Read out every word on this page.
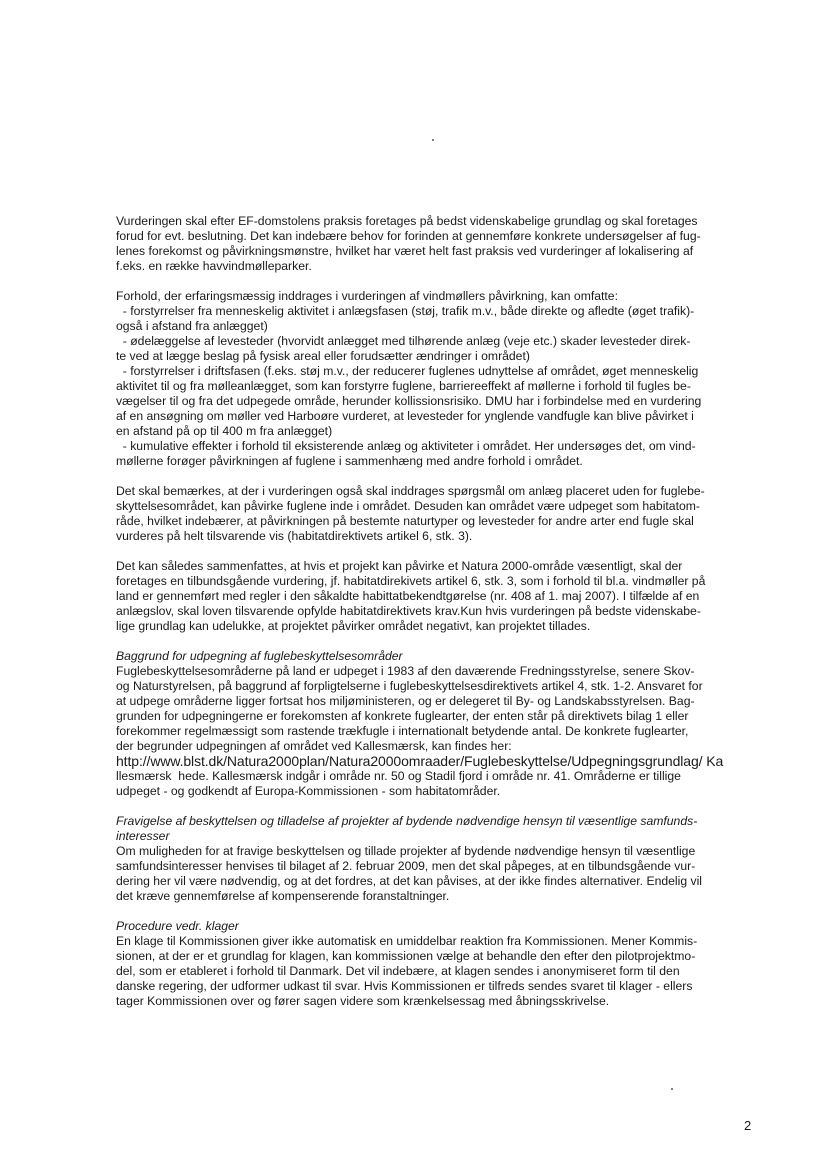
Vurderingen skal efter EF-domstolens praksis foretages på bedst videnskabelige grundlag og skal foretages
forud for evt. beslutning. Det kan indebære behov for forinden at gennemføre konkrete undersøgelser af fug-
lenes forekomst og påvirkningsmønstre, hvilket har været helt fast praksis ved vurderinger af lokalisering af
f.eks. en række havvindmølleparker.
Forhold, der erfaringsmæssig inddrages i vurderingen af vindmøllers påvirkning, kan omfatte:
- forstyrrelser fra menneskelig aktivitet i anlægsfasen (støj, trafik m.v., både direkte og afledte (øget trafik)-
også i afstand fra anlægget)
- ødelæggelse af levesteder (hvorvidt anlægget med tilhørende anlæg (veje etc.) skader levesteder direk-
te ved at lægge beslag på fysisk areal eller forudsætter ændringer i området)
- forstyrrelser i driftsfasen (f.eks. støj m.v., der reducerer fuglenes udnyttelse af området, øget menneskelig
aktivitet til og fra mølleanlægget, som kan forstyrre fuglene, barriereeffekt af møllerne i forhold til fugles be-
vægelser til og fra det udpegede område, herunder kollissionsrisiko. DMU har i forbindelse med en vurdering
af en ansøgning om møller ved Harboøre vurderet, at levesteder for ynglende vandfugle kan blive påvirket i
en afstand på op til 400 m fra anlægget)
- kumulative effekter i forhold til eksisterende anlæg og aktiviteter i området. Her undersøges det, om vind-
møllerne forøger påvirkningen af fuglene i sammenhæng med andre forhold i området.
Det skal bemærkes, at der i vurderingen også skal inddrages spørgsmål om anlæg placeret uden for fuglebe-
skyttelsesområdet, kan påvirke fuglene inde i området. Desuden kan området være udpeget som habitatom-
råde, hvilket indebærer, at påvirkningen på bestemte naturtyper og levesteder for andre arter end fugle skal
vurderes på helt tilsvarende vis (habitatdirektivets artikel 6, stk. 3).
Det kan således sammenfattes, at hvis et projekt kan påvirke et Natura 2000-område væsentligt, skal der
foretages en tilbundsgående vurdering, jf. habitatdirekivets artikel 6, stk. 3, som i forhold til bl.a. vindmøller på
land er gennemført med regler i den såkaldte habittatbekendtgørelse (nr. 408 af 1. maj 2007). I tilfælde af en
anlægslov, skal loven tilsvarende opfylde habitatdirektivets krav.Kun hvis vurderingen på bedste videnskabe-
lige grundlag kan udelukke, at projektet påvirker området negativt, kan projektet tillades.
Baggrund for udpegning af fuglebeskyttelsesområder
Fuglebeskyttelsesområderne på land er udpeget i 1983 af den daværende Fredningsstyrelse, senere Skov-
og Naturstyrelsen, på baggrund af forpligtelserne i fuglebeskyttelsesdirektivets artikel 4, stk. 1-2. Ansvaret for
at udpege områderne ligger fortsat hos miljøministeren, og er delegeret til By- og Landskabsstyrelsen. Bag-
grunden for udpegningerne er forekomsten af konkrete fuglearter, der enten står på direktivets bilag 1 eller
forekommer regelmæssigt som rastende trækfugle i internationalt betydende antal. De konkrete fuglearter,
der begrunder udpegningen af området ved Kallesmærsk, kan findes her:
http://www.blst.dk/Natura2000plan/Natura2000omraader/Fuglebeskyttelse/Udpegningsgrundlag/ Ka
llesmærsk  hede. Kallesmærsk indgår i område nr. 50 og Stadil fjord i område nr. 41. Områderne er tillige
udpeget - og godkendt af Europa-Kommissionen - som habitatområder.
Fravigelse af beskyttelsen og tilladelse af projekter af bydende nødvendige hensyn til væsentlige samfunds-
interesser
Om muligheden for at fravige beskyttelsen og tillade projekter af bydende nødvendige hensyn til væsentlige
samfundsinteresser henvises til bilaget af 2. februar 2009, men det skal påpeges, at en tilbundsgående vur-
dering her vil være nødvendig, og at det fordres, at det kan påvises, at der ikke findes alternativer. Endelig vil
det kræve gennemførelse af kompenserende foranstaltninger.
Procedure vedr. klager
En klage til Kommissionen giver ikke automatisk en umiddelbar reaktion fra Kommissionen. Mener Kommis-
sionen, at der er et grundlag for klagen, kan kommissionen vælge at behandle den efter den pilotprojektmo-
del, som er etableret i forhold til Danmark. Det vil indebære, at klagen sendes i anonymiseret form til den
danske regering, der udformer udkast til svar. Hvis Kommissionen er tilfreds sendes svaret til klager - ellers
tager Kommissionen over og fører sagen videre som krænkelsessag med åbningsskrivelse.
2
